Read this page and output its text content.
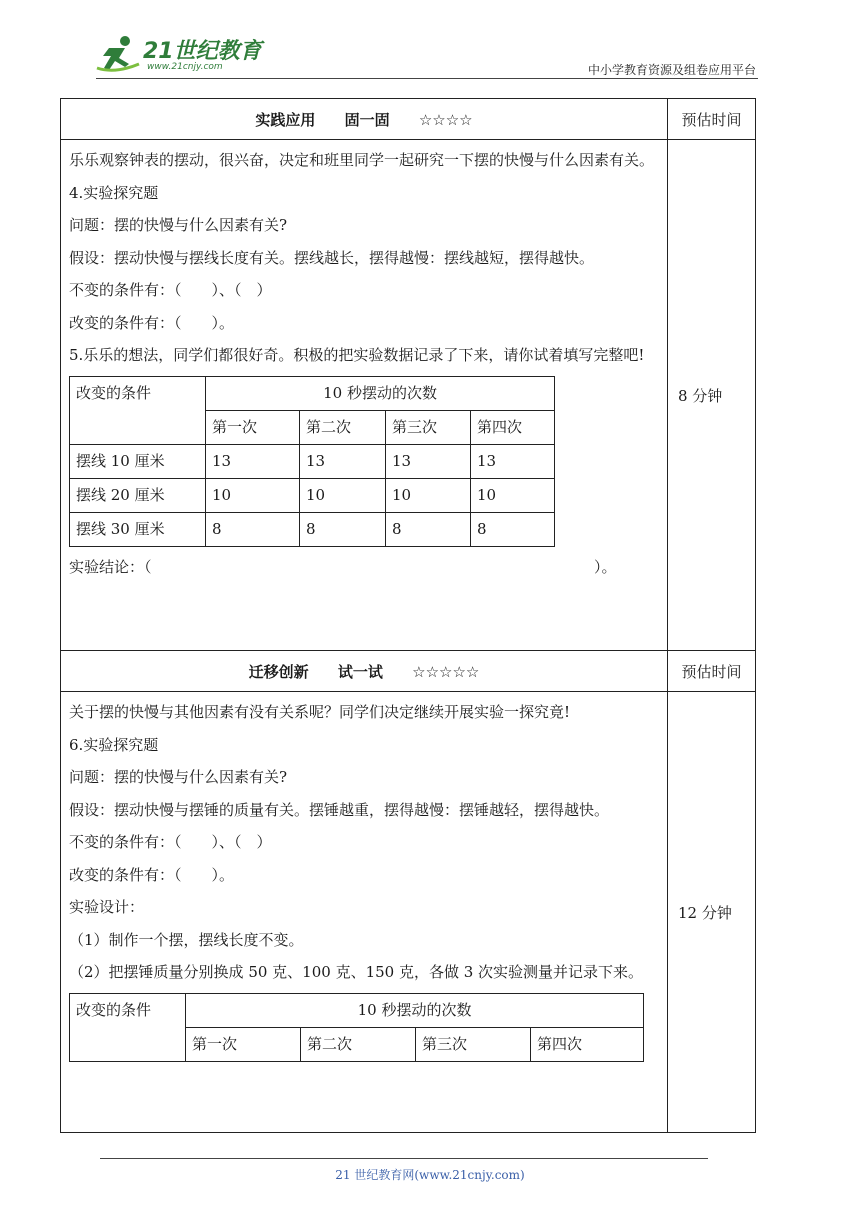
21世纪教育
www.21cnjy.com	中小学教育资源及组卷应用平台
实践应用 固一固 ☆☆☆☆	预估时间

乐乐观察钟表的摆动，很兴奋，决定和班里同学一起研究一下摆的快慢与什么因素有关。

4.实验探究题

问题：摆的快慢与什么因素有关?

假设：摆动快慢与摆线长度有关。摆线越长，摆得越慢：摆线越短，摆得越快。

不变的条件有：（　　）、（　）

改变的条件有：（　　）。

5.乐乐的想法，同学们都很好奇。积极的把实验数据记录了下来，请你试着填写完整吧!

改变的条件	10 秒摆动的次数
第一次	第二次	第三次	第四次
摆线 10 厘米	13	13	13	13
摆线 20 厘米	10	10	10	10
摆线 30 厘米	8	8	8	8

实验结论：（	）。

	8 分钟
迁移创新 试一试 ☆☆☆☆☆	预估时间

关于摆的快慢与其他因素有没有关系呢？同学们决定继续开展实验一探究竟!

6.实验探究题

问题：摆的快慢与什么因素有关?

假设：摆动快慢与摆锤的质量有关。摆锤越重，摆得越慢：摆锤越轻，摆得越快。

不变的条件有：（　　）、（　）

改变的条件有：（　　）。

实验设计：

（1）制作一个摆，摆线长度不变。

（2）把摆锤质量分别换成 50 克、100 克、150 克，各做 3 次实验测量并记录下来。

改变的条件	10 秒摆动的次数
第一次	第二次	第三次	第四次
	12 分钟
21 世纪教育网(www.21cnjy.com)
